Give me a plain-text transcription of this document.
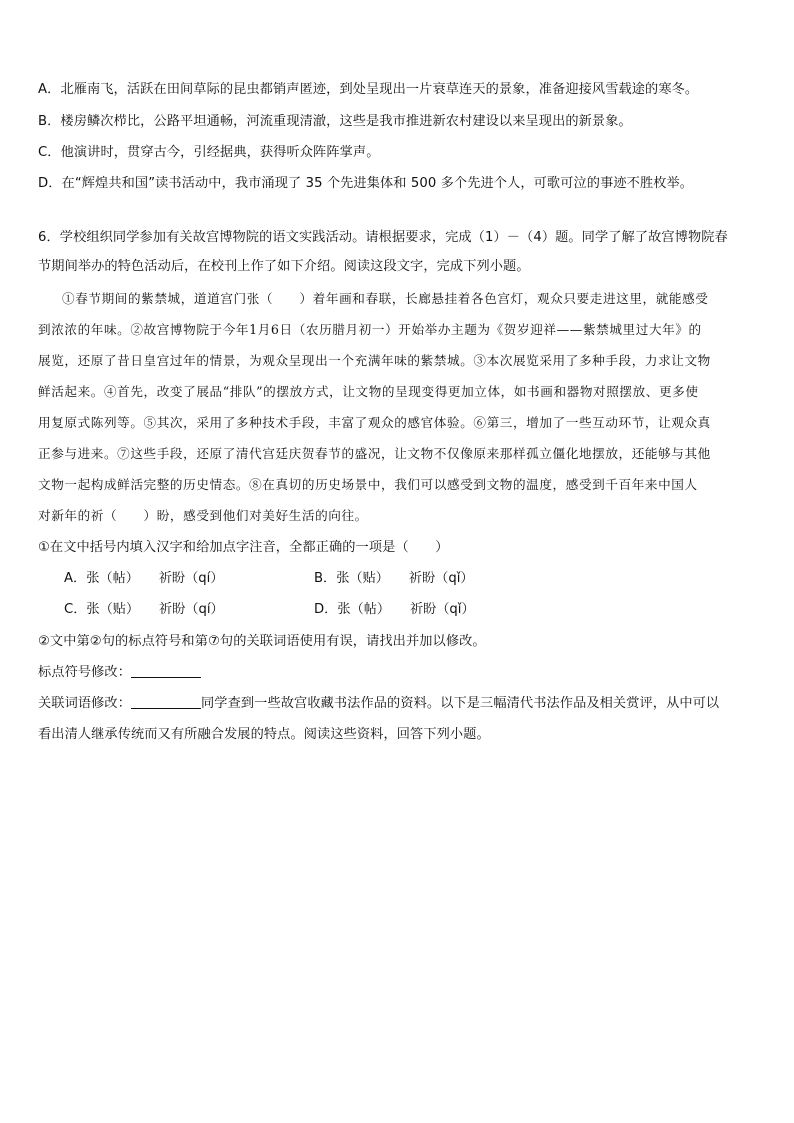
A．北雁南飞，活跃在田间草际的昆虫都销声匿迹，到处呈现出一片衰草连天的景象，准备迎接风雪载途的寒冬。
B．楼房鳞次栉比，公路平坦通畅，河流重现清澈，这些是我市推进新农村建设以来呈现出的新景象。
C．他演讲时，贯穿古今，引经据典，获得听众阵阵掌声。
D．在“辉煌共和国”读书活动中，我市涌现了 35 个先进集体和 500 多个先进个人，可歌可泣的事迹不胜枚举。
6．学校组织同学参加有关故宫博物院的语文实践活动。请根据要求，完成（1）－（4）题。同学了解了故宫博物院春
节期间举办的特色活动后，在校刊上作了如下介绍。阅读这段文字，完成下列小题。
①春节期间的紫禁城，道道宫门张（　　）着年画和春联，长廊悬挂着各色宫灯，观众只要走进这里，就能感受
到浓浓的年味。②故宫博物院于今年1月6日（农历腊月初一）开始举办主题为《贺岁迎祥——紫禁城里过大年》的
展览，还原了昔日皇宫过年的情景，为观众呈现出一个充满年味的紫禁城。③本次展览采用了多种手段，力求让文物
鲜活起来。④首先，改变了展品“排队”的摆放方式，让文物的呈现变得更加立体，如书画和器物对照摆放、更多使
用复原式陈列等。⑤其次，采用了多种技术手段，丰富了观众的感官体验。⑥第三，增加了一些互动环节，让观众真
正参与进来。⑦这些手段，还原了清代宫廷庆贺春节的盛况，让文物不仅像原来那样孤立僵化地摆放，还能够与其他
文物一起构成鲜活完整的历史情态。⑧在真切的历史场景中，我们可以感受到文物的温度，感受到千百年来中国人
对新年的祈（　　）盼，感受到他们对美好生活的向往。
①在文中括号内填入汉字和给加点字注音，全都正确的一项是（　　）
A．张（帖）　　祈盼（qí）	B．张（贴）　　祈盼（qǐ）
C．张（贴）　　祈盼（qí）	D．张（帖）　　祈盼（qǐ）
②文中第②句的标点符号和第⑦句的关联词语使用有误，请找出并加以修改。
标点符号修改：
关联词语修改：	同学查到一些故宫收藏书法作品的资料。以下是三幅清代书法作品及相关赏评，从中可以
看出清人继承传统而又有所融合发展的特点。阅读这些资料，回答下列小题。
